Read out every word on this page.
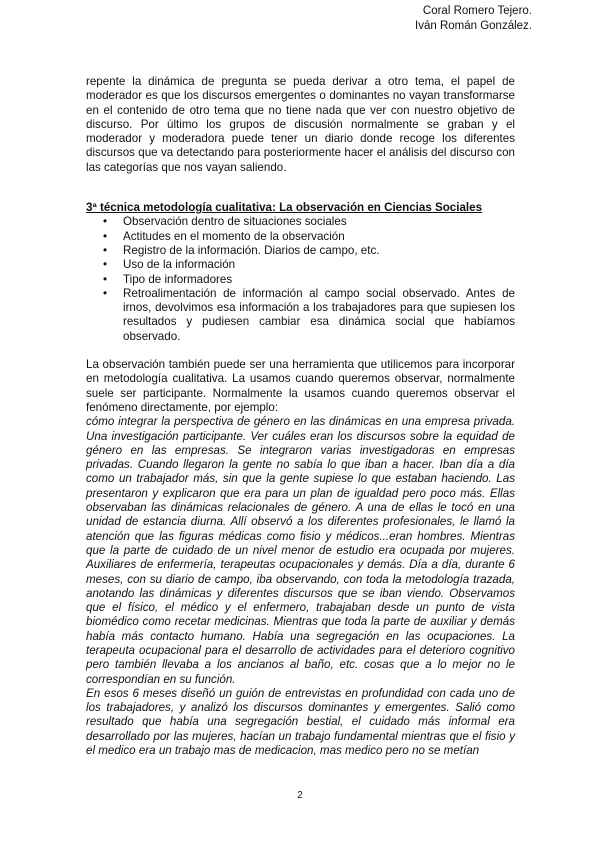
Coral Romero Tejero.
Iván Román González.

repente la dinámica de pregunta se pueda derivar a otro tema, el papel de moderador es que los discursos emergentes o dominantes no vayan transformarse en el contenido de otro tema que no tiene nada que ver con nuestro objetivo de discurso. Por último los grupos de discusión normalmente se graban y el moderador y moderadora puede tener un diario donde recoge los diferentes discursos que va detectando para posteriormente hacer el análisis del discurso con las categorías que nos vayan saliendo.

3ª técnica metodología cualitativa: La observación en Ciencias Sociales
• Observación dentro de situaciones sociales
• Actitudes en el momento de la observación
• Registro de la información. Diarios de campo, etc.
• Uso de la información
• Tipo de informadores
• Retroalimentación de información al campo social observado. Antes de irnos, devolvimos esa información a los trabajadores para que supiesen los resultados y pudiesen cambiar esa dinámica social que habíamos observado.

La observación también puede ser una herramienta que utilicemos para incorporar en metodología cualitativa. La usamos cuando queremos observar, normalmente suele ser participante. Normalmente la usamos cuando queremos observar el fenómeno directamente, por ejemplo:

cómo integrar la perspectiva de género en las dinámicas en una empresa privada. Una investigación participante. Ver cuáles eran los discursos sobre la equidad de género en las empresas. Se integraron varias investigadoras en empresas privadas. Cuando llegaron la gente no sabía lo que iban a hacer. Iban día a día como un trabajador más, sin que la gente supiese lo que estaban haciendo. Las presentaron y explicaron que era para un plan de igualdad pero poco más. Ellas observaban las dinámicas relacionales de género. A una de ellas le tocó en una unidad de estancia diurna. Allí observó a los diferentes profesionales, le llamó la atención que las figuras médicas como fisio y médicos...eran hombres. Mientras que la parte de cuidado de un nivel menor de estudio era ocupada por mujeres. Auxiliares de enfermería, terapeutas ocupacionales y demás. Día a día, durante 6 meses, con su diario de campo, iba observando, con toda la metodología trazada, anotando las dinámicas y diferentes discursos que se iban viendo. Observamos que el físico, el médico y el enfermero, trabajaban desde un punto de vista biomédico como recetar medicinas. Mientras que toda la parte de auxiliar y demás había más contacto humano. Había una segregación en las ocupaciones. La terapeuta ocupacional para el desarrollo de actividades para el deterioro cognitivo pero también llevaba a los ancianos al baño, etc. cosas que a lo mejor no le correspondían en su función.

En esos 6 meses diseñó un guión de entrevistas en profundidad con cada uno de los trabajadores, y analizó los discursos dominantes y emergentes. Salió como resultado que había una segregación bestial, el cuidado más informal era desarrollado por las mujeres, hacían un trabajo fundamental mientras que el fisio y el medico era un trabajo mas de medicacion, mas medico pero no se metían

2
